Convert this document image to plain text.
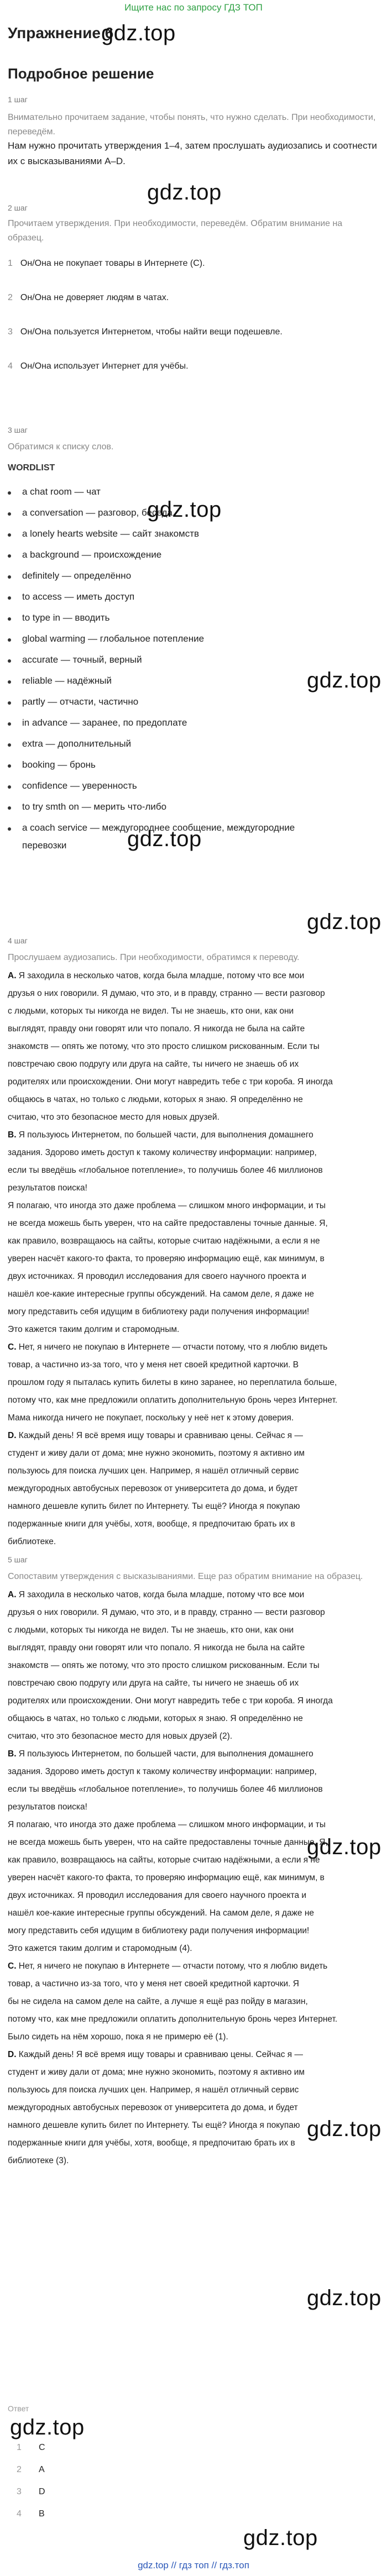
Ищите нас по запросу ГДЗ ТОП
Упражнение 6
gdz.top
Подробное решение
1 шаг
Внимательно прочитаем задание, чтобы понять, что нужно сделать. При необходимости, переведём.
Нам нужно прочитать утверждения 1–4, затем прослушать аудиозапись и соотнести их с высказываниями A–D.
gdz.top
2 шаг
Прочитаем утверждения. При необходимости, переведём. Обратим внимание на образец.
1 Он/Она не покупает товары в Интернете (C).
2 Он/Она не доверяет людям в чатах.
3 Он/Она пользуется Интернетом, чтобы найти вещи подешевле.
4 Он/Она использует Интернет для учёбы.
3 шаг
Обратимся к списку слов.
WORDLIST
a chat room — чат
a conversation — разговор, беседа
a lonely hearts website — сайт знакомств
a background — происхождение
definitely — определённо
to access — иметь доступ
to type in — вводить
global warming — глобальное потепление
accurate — точный, верный
reliable — надёжный
partly — отчасти, частично
in advance — заранее, по предоплате
extra — дополнительный
booking — бронь
confidence — уверенность
to try smth on — мерить что-либо
a coach service — междугороднее сообщение, междугородние
перевозки
gdz.top
gdz.top
gdz.top
gdz.top
4 шаг
Прослушаем аудиозапись. При необходимости, обратимся к переводу.
A. Я заходила в несколько чатов, когда была младше, потому что все мои
друзья о них говорили. Я думаю, что это, и в правду, странно — вести разговор
с людьми, которых ты никогда не видел. Ты не знаешь, кто они, как они
выглядят, правду они говорят или что попало. Я никогда не была на сайте
знакомств — опять же потому, что это просто слишком рискованным. Если ты
повстречаю свою подругу или друга на сайте, ты ничего не знаешь об их
родителях или происхождении. Они могут навредить тебе с три короба. Я иногда
общаюсь в чатах, но только с людьми, которых я знаю. Я определённо не
считаю, что это безопасное место для новых друзей.
B. Я пользуюсь Интернетом, по большей части, для выполнения домашнего
задания. Здорово иметь доступ к такому количеству информации: например,
если ты введёшь «глобальное потепление», то получишь более 46 миллионов
результатов поиска!
Я полагаю, что иногда это даже проблема — слишком много информации, и ты
не всегда можешь быть уверен, что на сайте предоставлены точные данные. Я,
как правило, возвращаюсь на сайты, которые считаю надёжными, а если я не
уверен насчёт какого-то факта, то проверяю информацию ещё, как минимум, в
двух источниках. Я проводил исследования для своего научного проекта и
нашёл кое-какие интересные группы обсуждений. На самом деле, я даже не
могу представить себя идущим в библиотеку ради получения информации!
Это кажется таким долгим и старомодным.
C. Нет, я ничего не покупаю в Интернете — отчасти потому, что я люблю видеть
товар, а частично из-за того, что у меня нет своей кредитной карточки. В
прошлом году я пыталась купить билеты в кино заранее, но переплатила больше,
потому что, как мне предложили оплатить дополнительную бронь через Интернет.
Мама никогда ничего не покупает, поскольку у неё нет к этому доверия.
D. Каждый день! Я всё время ищу товары и сравниваю цены. Сейчас я —
студент и живу дали от дома; мне нужно экономить, поэтому я активно им
пользуюсь для поиска лучших цен. Например, я нашёл отличный сервис
междугородных автобусных перевозок от университета до дома, и будет
намного дешевле купить билет по Интернету. Ты ещё? Иногда я покупаю
подержанные книги для учёбы, хотя, вообще, я предпочитаю брать их в
библиотеке.
5 шаг
Сопоставим утверждения с высказываниями. Еще раз обратим внимание на образец.
A. Я заходила в несколько чатов, когда была младше, потому что все мои
друзья о них говорили. Я думаю, что это, и в правду, странно — вести разговор
с людьми, которых ты никогда не видел. Ты не знаешь, кто они, как они
выглядят, правду они говорят или что попало. Я никогда не была на сайте
знакомств — опять же потому, что это просто слишком рискованным. Если ты
повстречаю свою подругу или друга на сайте, ты ничего не знаешь об их
родителях или происхождении. Они могут навредить тебе с три короба. Я иногда
общаюсь в чатах, но только с людьми, которых я знаю. Я определённо не
считаю, что это безопасное место для новых друзей (2).
B. Я пользуюсь Интернетом, по большей части, для выполнения домашнего
задания. Здорово иметь доступ к такому количеству информации: например,
если ты введёшь «глобальное потепление», то получишь более 46 миллионов
результатов поиска!
Я полагаю, что иногда это даже проблема — слишком много информации, и ты
не всегда можешь быть уверен, что на сайте предоставлены точные данные. Я,
как правило, возвращаюсь на сайты, которые считаю надёжными, а если я не
уверен насчёт какого-то факта, то проверяю информацию ещё, как минимум, в
двух источниках. Я проводил исследования для своего научного проекта и
нашёл кое-какие интересные группы обсуждений. На самом деле, я даже не
могу представить себя идущим в библиотеку ради получения информации!
Это кажется таким долгим и старомодным (4).
C. Нет, я ничего не покупаю в Интернете — отчасти потому, что я люблю видеть
товар, а частично из-за того, что у меня нет своей кредитной карточки. Я
бы не сидела на самом деле на сайте, а лучше я ещё раз пойду в магазин,
потому что, как мне предложили оплатить дополнительную бронь через Интернет.
Было сидеть на нём хорошо, пока я не примерю её (1).
D. Каждый день! Я всё время ищу товары и сравниваю цены. Сейчас я —
студент и живу дали от дома; мне нужно экономить, поэтому я активно им
пользуюсь для поиска лучших цен. Например, я нашёл отличный сервис
междугородных автобусных перевозок от университета до дома, и будет
намного дешевле купить билет по Интернету. Ты ещё? Иногда я покупаю
подержанные книги для учёбы, хотя, вообще, я предпочитаю брать их в
библиотеке (3).
gdz.top
gdz.top
gdz.top
Ответ
gdz.top
1 C
2 A
3 D
4 B
gdz.top
gdz.top // гдз топ // гдз.топ
